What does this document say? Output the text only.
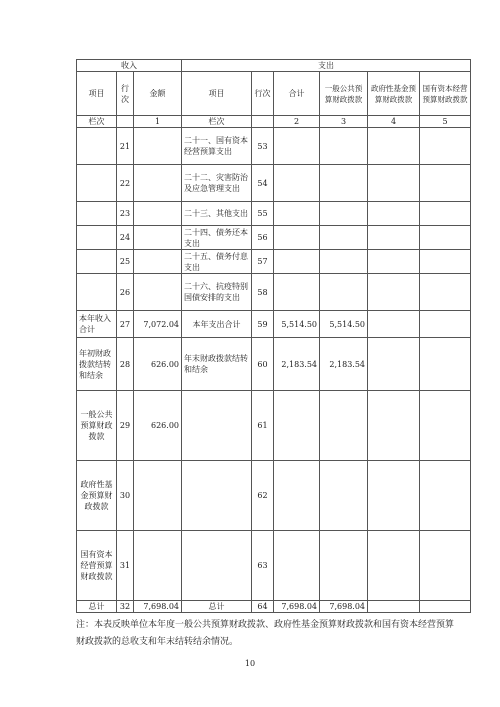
收入			支出					
项目	行次	金额	项目	行次	合计	一般公共预算财政拨款	政府性基金预算财政拨款	国有资本经营预算财政拨款
栏次		1	栏次		2	3	4	5
	21		二十一、国有资本经营预算支出	53				
	22		二十二、灾害防治及应急管理支出	54				
	23		二十三、其他支出	55				
	24		二十四、债务还本支出	56				
	25		二十五、债务付息支出	57				
	26		二十六、抗疫特别国债安排的支出	58				
本年收入合计	27	7,072.04	本年支出合计	59	5,514.50	5,514.50		
年初财政拨款结转和结余	28	626.00	年末财政拨款结转和结余	60	2,183.54	2,183.54		
一般公共预算财政拨款	29	626.00		61				
政府性基金预算财政拨款	30			62				
国有资本经营预算财政拨款	31			63				
总计	32	7,698.04	总计	64	7,698.04	7,698.04		
注：本表反映单位本年度一般公共预算财政拨款、政府性基金预算财政拨款和国有资本经营预算财政拨款的总收支和年末结转结余情况。
10
